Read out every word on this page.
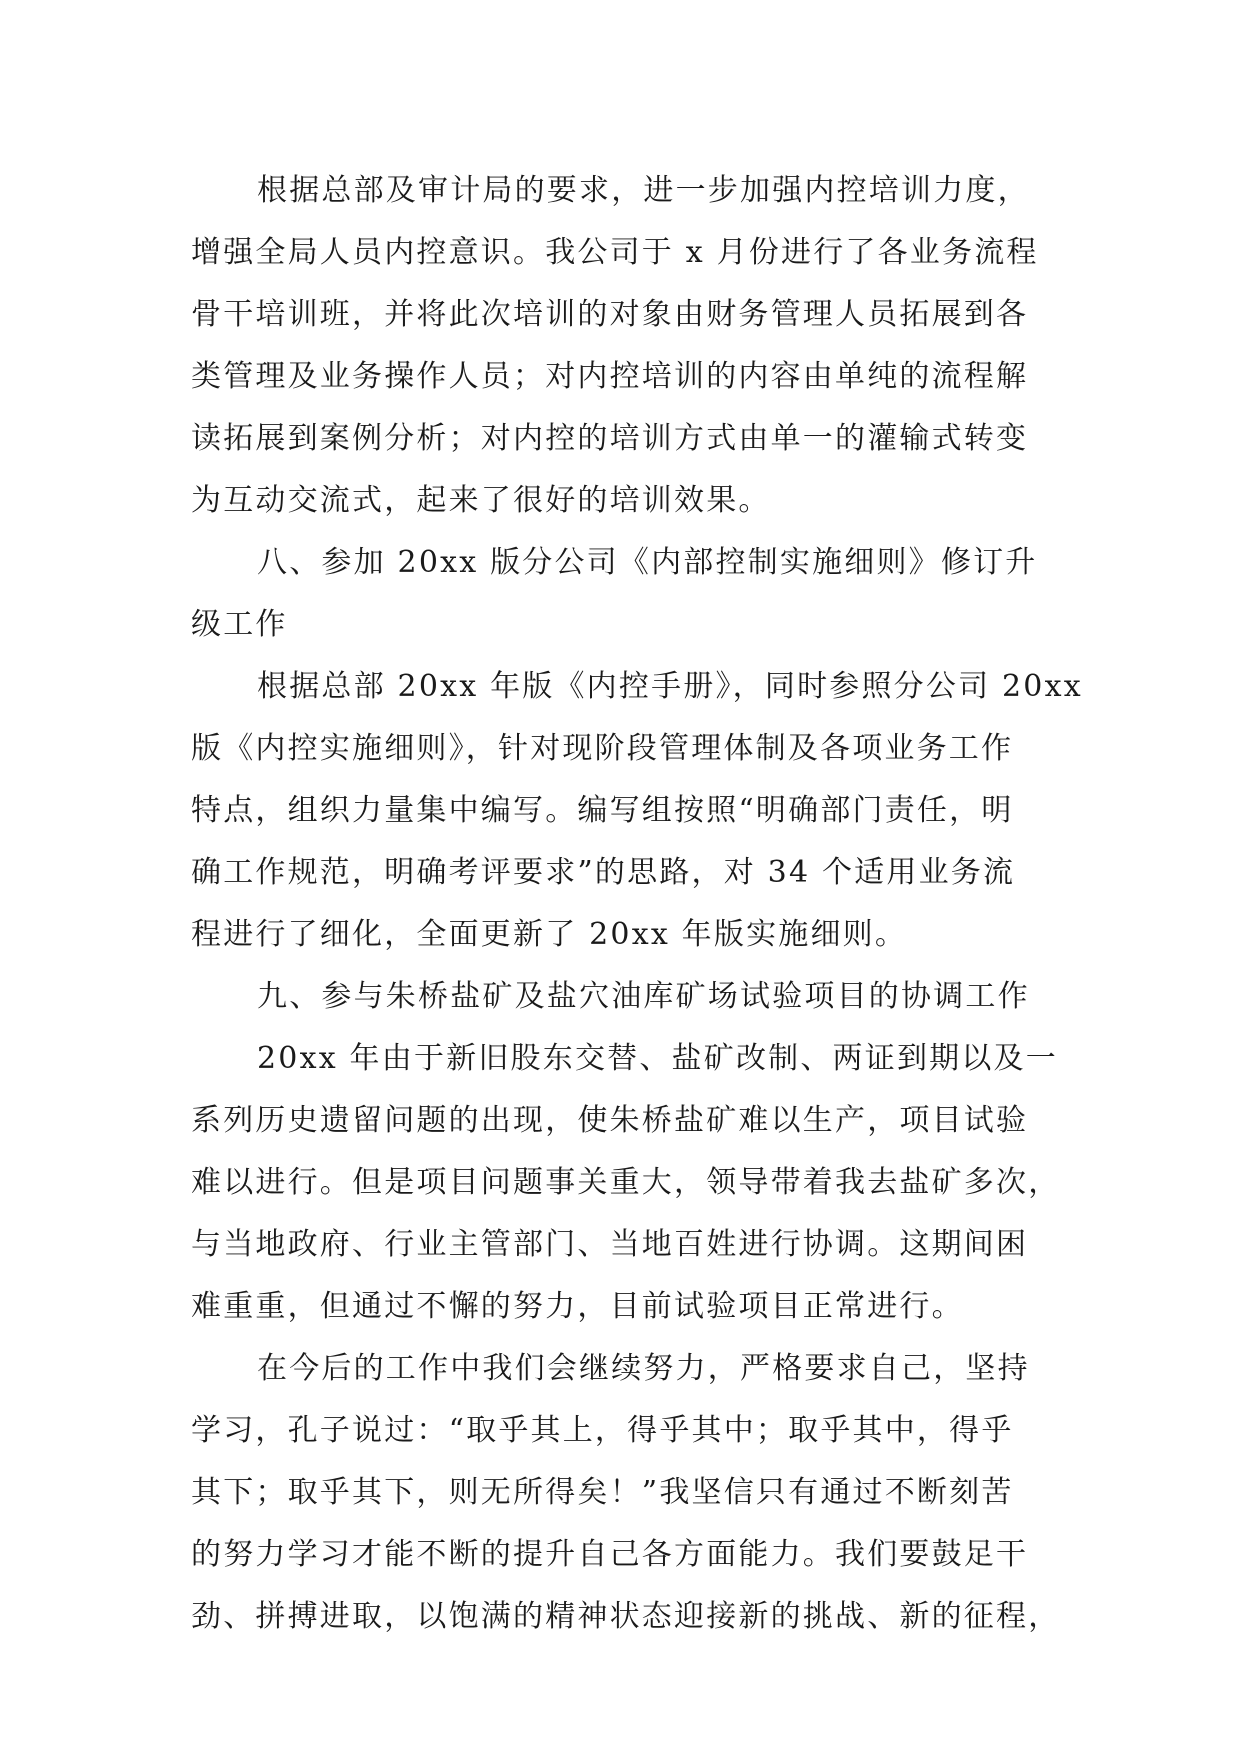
根据总部及审计局的要求，进一步加强内控培训力度，
增强全局人员内控意识。我公司于 x 月份进行了各业务流程
骨干培训班，并将此次培训的对象由财务管理人员拓展到各
类管理及业务操作人员；对内控培训的内容由单纯的流程解
读拓展到案例分析；对内控的培训方式由单一的灌输式转变
为互动交流式，起来了很好的培训效果。
八、参加 20xx 版分公司《内部控制实施细则》修订升
级工作
根据总部 20xx 年版《内控手册》，同时参照分公司 20xx
版《内控实施细则》，针对现阶段管理体制及各项业务工作
特点，组织力量集中编写。编写组按照“明确部门责任，明
确工作规范，明确考评要求”的思路，对 34 个适用业务流
程进行了细化，全面更新了 20xx 年版实施细则。
九、参与朱桥盐矿及盐穴油库矿场试验项目的协调工作
20xx 年由于新旧股东交替、盐矿改制、两证到期以及一
系列历史遗留问题的出现，使朱桥盐矿难以生产，项目试验
难以进行。但是项目问题事关重大，领导带着我去盐矿多次，
与当地政府、行业主管部门、当地百姓进行协调。这期间困
难重重，但通过不懈的努力，目前试验项目正常进行。
在今后的工作中我们会继续努力，严格要求自己，坚持
学习，孔子说过：“取乎其上，得乎其中；取乎其中，得乎
其下；取乎其下，则无所得矣！”我坚信只有通过不断刻苦
的努力学习才能不断的提升自己各方面能力。我们要鼓足干
劲、拼搏进取，以饱满的精神状态迎接新的挑战、新的征程，
